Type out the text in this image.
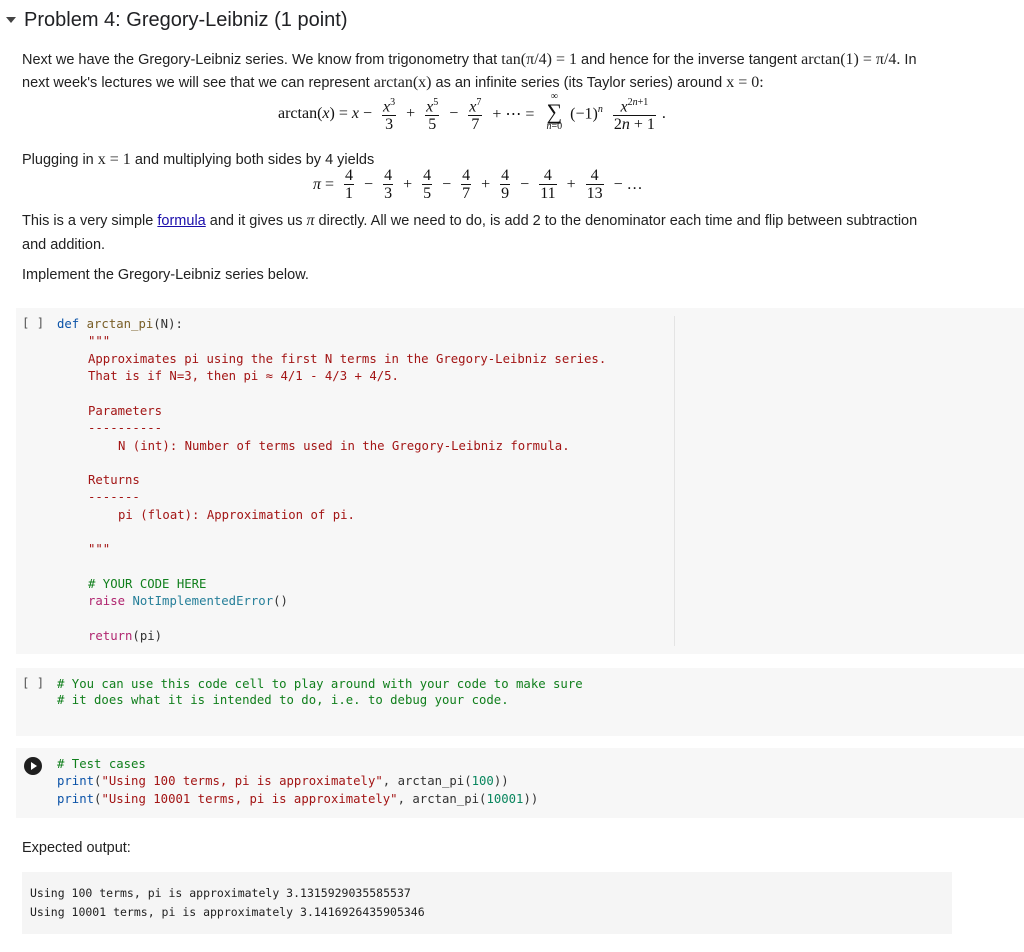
Problem 4: Gregory-Leibniz (1 point)
Next we have the Gregory-Leibniz series. We know from trigonometry that tan(π/4) = 1 and hence for the inverse tangent arctan(1) = π/4. In
next week's lectures we will see that we can represent arctan(x) as an infinite series (its Taylor series) around x = 0:
$\arctan(x) = x - \frac{x^3}{3} + \frac{x^5}{5} - \frac{x^7}{7}$ + ⋯ =
∞
∑
n=0
$(-1)^n \frac{x^{2n+1}}{2n + 1}$ .
Plugging in x = 1 and multiplying both sides by 4 yields
$\pi = \frac{4}{1} - \frac{4}{3} + \frac{4}{5} - \frac{4}{7} + \frac{4}{9} - \frac{4}{11} + \frac{4}{13}$ − …
This is a very simple formula and it gives us π directly. All we need to do, is add 2 to the denominator each time and flip between subtraction
and addition.
Implement the Gregory-Leibniz series below.
[ ] def arctan_pi(N):
"""
Approximates pi using the first N terms in the Gregory-Leibniz series.
That is if N=3, then pi ≈ 4/1 - 4/3 + 4/5.
Parameters
----------
N (int): Number of terms used in the Gregory-Leibniz formula.
Returns
-------
pi (float): Approximation of pi.
"""
# YOUR CODE HERE
raise NotImplementedError()
return(pi)
[ ] # You can use this code cell to play around with your code to make sure
# it does what it is intended to do, i.e. to debug your code.
# Test cases
print("Using 100 terms, pi is approximately", arctan_pi(100))
print("Using 10001 terms, pi is approximately", arctan_pi(10001))
Expected output:
Using 100 terms, pi is approximately 3.1315929035585537
Using 10001 terms, pi is approximately 3.1416926435905346
